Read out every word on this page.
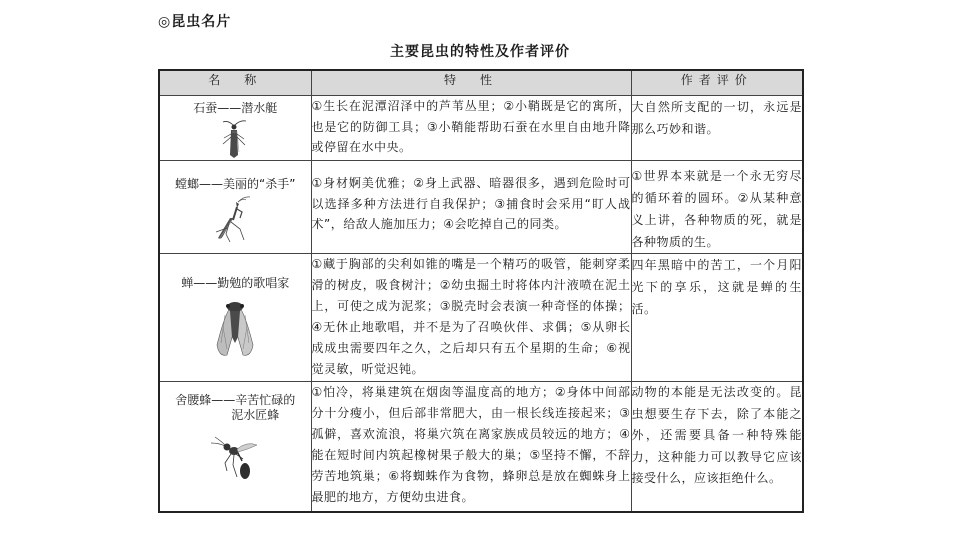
◎昆虫名片
主要昆虫的特性及作者评价
名　称	特　性	作者评价

石蚕——潜水艇	①生长在泥潭沼泽中的芦苇丛里；②小鞘既是它的寓所，也是它的防御工具；③小鞘能帮助石蚕在水里自由地升降或停留在水中央。	大自然所支配的一切，永远是那么巧妙和谐。

螳螂——美丽的“杀手”	①身材婀美优雅；②身上武器、暗器很多，遇到危险时可以选择多种方法进行自我保护；③捕食时会采用“盯人战术”，给敌人施加压力；④会吃掉自己的同类。	①世界本来就是一个永无穷尽的循环着的圆环。②从某种意义上讲，各种物质的死，就是各种物质的生。

蝉——勤勉的歌唱家	①藏于胸部的尖利如锥的嘴是一个精巧的吸管，能刺穿柔滑的树皮，吸食树汁；②幼虫掘土时将体内汁液喷在泥土上，可使之成为泥浆；③脱壳时会表演一种奇怪的体操；④无休止地歌唱，并不是为了召唤伙伴、求偶；⑤从卵长成成虫需要四年之久，之后却只有五个星期的生命；⑥视觉灵敏，听觉迟钝。	四年黑暗中的苦工，一个月阳光下的享乐，这就是蝉的生活。

舍腰蜂——辛苦忙碌的
泥水匠蜂	①怕冷，将巢建筑在烟囱等温度高的地方；②身体中间部分十分瘦小，但后部非常肥大，由一根长线连接起来；③孤僻，喜欢流浪，将巢穴筑在离家族成员较远的地方；④能在短时间内筑起橡树果子般大的巢；⑤坚持不懈，不辞劳苦地筑巢；⑥将蜘蛛作为食物，蜂卵总是放在蜘蛛身上最肥的地方，方便幼虫进食。	动物的本能是无法改变的。昆虫想要生存下去，除了本能之外，还需要具备一种特殊能力，这种能力可以教导它应该接受什么，应该拒绝什么。
